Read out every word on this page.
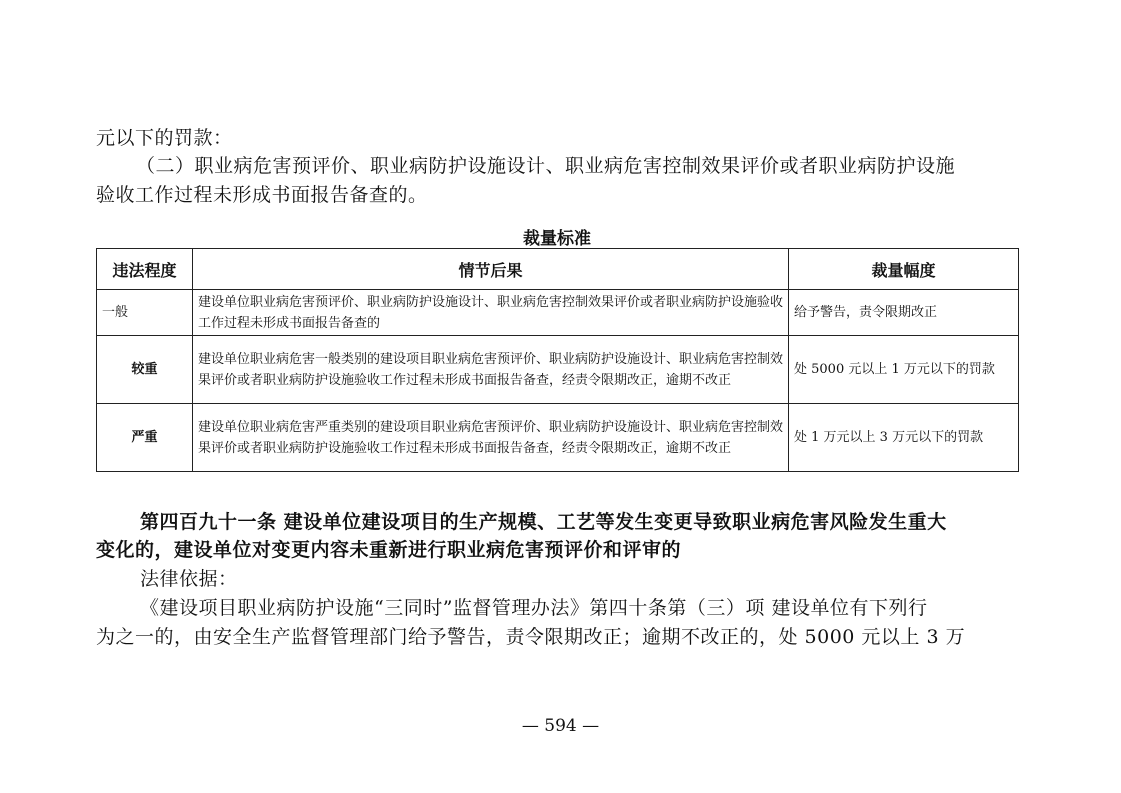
元以下的罚款：
（二）职业病危害预评价、职业病防护设施设计、职业病危害控制效果评价或者职业病防护设施
验收工作过程未形成书面报告备查的。
裁量标准
违法程度	情节后果	裁量幅度
一般	建设单位职业病危害预评价、职业病防护设施设计、职业病危害控制效果评价或者职业病防护设施验收工作过程未形成书面报告备查的	给予警告，责令限期改正
较重	建设单位职业病危害一般类别的建设项目职业病危害预评价、职业病防护设施设计、职业病危害控制效果评价或者职业病防护设施验收工作过程未形成书面报告备查，经责令限期改正，逾期不改正	处 5000 元以上 1 万元以下的罚款
严重	建设单位职业病危害严重类别的建设项目职业病危害预评价、职业病防护设施设计、职业病危害控制效果评价或者职业病防护设施验收工作过程未形成书面报告备查，经责令限期改正，逾期不改正	处 1 万元以上 3 万元以下的罚款
第四百九十一条 建设单位建设项目的生产规模、工艺等发生变更导致职业病危害风险发生重大
变化的，建设单位对变更内容未重新进行职业病危害预评价和评审的
法律依据：
《建设项目职业病防护设施“三同时”监督管理办法》第四十条第（三）项 建设单位有下列行
为之一的，由安全生产监督管理部门给予警告，责令限期改正；逾期不改正的，处 5000 元以上 3 万
— 594 —
